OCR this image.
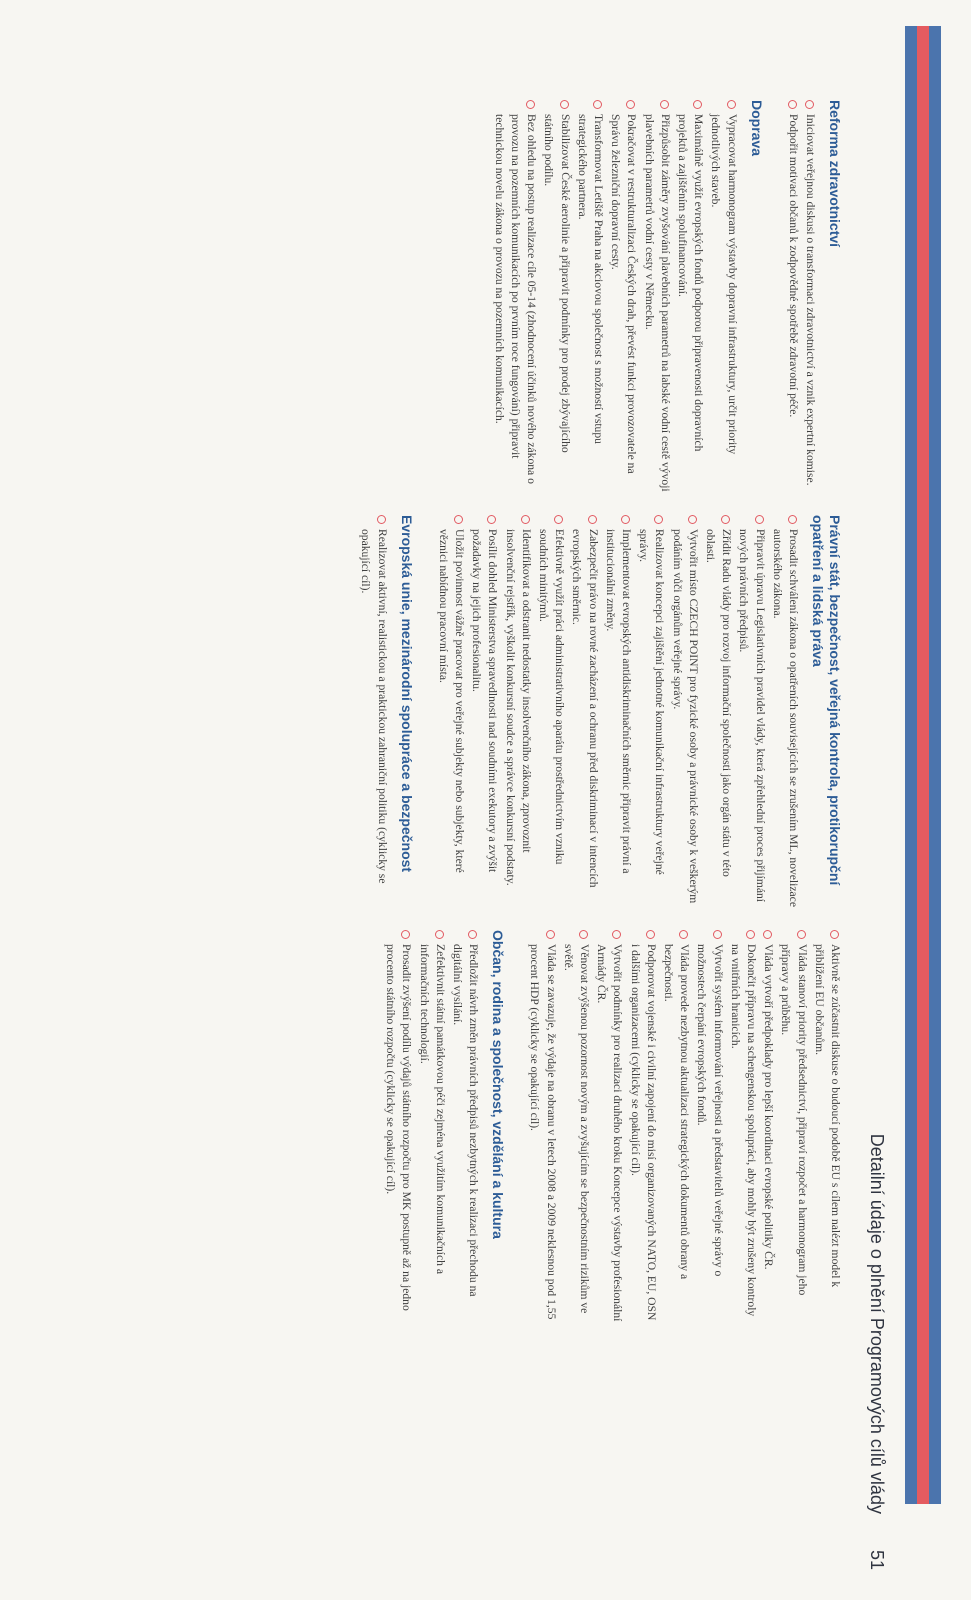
Detailní údaje o plnění Programových cílů vlády
51
Reforma zdravotnictví
Iniciovat veřejnou diskusi o transformaci zdravotnictví a vznik expertní komise.
Podpořit motivaci občanů k zodpovědné spotřebě zdravotní péče.
Doprava
Vypracovat harmonogram výstavby dopravní infrastruktury, určit priority jednotlivých staveb.
Maximálně využít evropských fondů podporou připravenosti dopravních projektů a zajištěním spolufinancování.
Přizpůsobit záměry zvyšování plavebních parametrů na labské vodní cestě vývoji plavebních parametrů vodní cesty v Německu.
Pokračovat v restrukturalizaci Českých drah, převést funkci provozovatele na Správu železniční dopravní cesty.
Transformovat Letiště Praha na akciovou společnost s možností vstupu strategického partnera.
Stabilizovat České aerolinie a připravit podmínky pro prodej zbývajícího státního podílu.
Bez ohledu na postup realizace cíle 05-14 (zhodnocení účinků nového zákona o provozu na pozemních komunikacích po prvním roce fungování) připravit technickou novelu zákona o provozu na pozemních komunikacích.
Právní stát, bezpečnost, veřejná kontrola, protikorupční opatření a lidská práva
Prosadit schválení zákona o opatřeních souvisejících se zrušením ML, novelizace autorského zákona.
Připravit úpravu Legislativních pravidel vlády, která zpřehlední proces přijímání nových právních předpisů.
Zřídit Radu vlády pro rozvoj informační společnosti jako orgán státu v této oblasti.
Vytvořit místo CZECH POINT pro fyzické osoby a právnické osoby k veškerým podáním vůči orgánům veřejné správy.
Realizovat koncepci zajištění jednotné komunikační infrastruktury veřejné správy.
Implementovat evropských antidiskriminačních směrnic připravit právní a institucionální změny.
Zabezpečit právo na rovné zacházení a ochranu před diskriminací v intencích evropských směrnic.
Efektivně využít práci administrativního aparátu prostřednictvím vzniku soudních minitýmů.
Identifikovat a odstranit nedostatky insolvenčního zákona, zprovoznit insolvenční rejstřík, vyškolit konkursní soudce a správce konkursní podstaty.
Posílit dohled Ministerstva spravedlnosti nad soudními exekutory a zvýšit požadavky na jejich profesionalitu.
Uložit povinnost vážně pracovat pro veřejné subjekty nebo subjekty, které věznici nabídnou pracovní místa.
Evropská unie, mezinárodní spolupráce a bezpečnost
Realizovat aktivní, realistickou a praktickou zahraniční politiku (cyklicky se opakující cíl).
Aktivně se zúčastnit diskuse o budoucí podobě EU s cílem nalézt model k přiblížení EU občanům.
Vláda stanoví priority předsednictví, připraví rozpočet a harmonogram jeho přípravy a průběhu.
Vláda vytvoří předpoklady pro lepší koordinaci evropské politiky ČR.
Dokončit přípravu na schengenskou spolupráci, aby mohly být zrušeny kontroly na vnitřních hranicích.
Vytvořit systém informování veřejnosti a představitelů veřejné správy o možnostech čerpání evropských fondů.
Vláda provede nezbytnou aktualizaci strategických dokumentů obrany a bezpečnosti.
Podporovat vojenské i civilní zapojení do misí organizovaných NATO, EU, OSN i dalšími organizacemi (cyklicky se opakující cíl).
Vytvořit podmínky pro realizaci druhého kroku Koncepce výstavby profesionální Armády ČR.
Věnovat zvýšenou pozornost novým a zvyšujícím se bezpečnostním rizikům ve světě.
Vláda se zavazuje, že výdaje na obranu v letech 2008 a 2009 neklesnou pod 1,55 procent HDP (cyklicky se opakující cíl).
Občan, rodina a společnost, vzdělání a kultura
Předložit návrh změn právních předpisů nezbytných k realizaci přechodu na digitální vysílání.
Zefektivnit státní památkovou péči zejména využitím komunikačních a informačních technologií.
Prosadit zvýšení podílu výdajů státního rozpočtu pro MK postupně až na jedno procento státního rozpočtu (cyklicky se opakující cíl).
